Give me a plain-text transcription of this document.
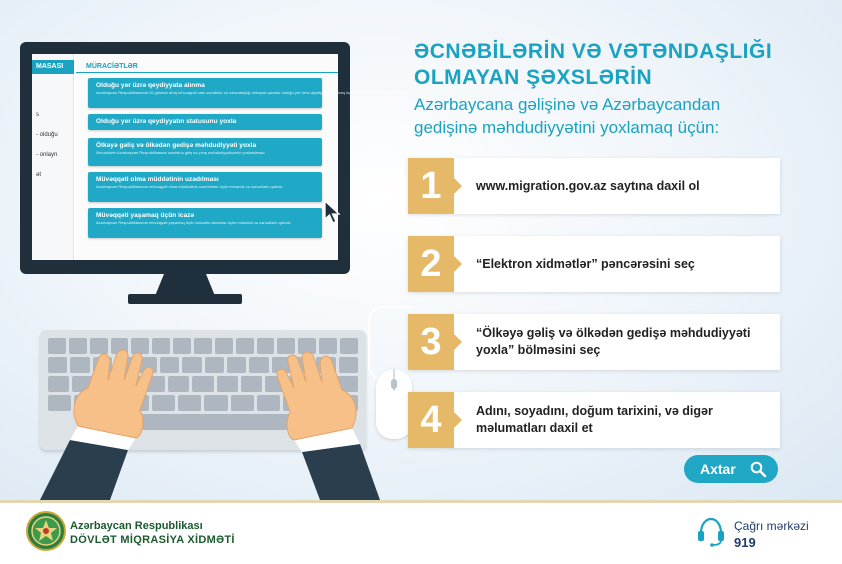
MASASI
s
- olduğu
- onlayn
ət
MÜRACİƏTLƏR
Olduğu yer üzrə qeydiyyata alınma
Azərbaycan Respublikasında 10 gündən artıq müvəqqəti olan əcnəbilər və vətəndaşlığı olmayan şəxslər olduğu yer üzrə qeydiyyata alınmaq üçün müraciət və sənədlərin qəbulu
Olduğu yer üzrə qeydiyyatın statusunu yoxla
Ölkəyə gəliş və ölkədən gedişə məhdudiyyəti yoxla
Əcnəbilərin Azərbaycan Respublikasına ərazisinə giriş və çıxış məhdudiyyətlərinin yoxlanılması
Müvəqqəti olma müddətinin uzadılması
Azərbaycan Respublikasında müvəqqəti olma müddətinin uzadılması üçün müraciət və sənədlərin qəbulu
Müvəqqəti yaşamaq üçün icazə
Azərbaycan Respublikasında müvəqqəti yaşamaq üçün icazənin alınması üçün müraciət və sənədlərin qəbulu
ƏCNƏBİLƏRİN VƏ VƏTƏNDAŞLIĞI
OLMAYAN ŞƏXSLƏRİN
Azərbaycana gəlişinə və Azərbaycandan
gedişinə məhdudiyyətini yoxlamaq üçün:
1	www.migration.gov.az saytına daxil ol
2	“Elektron xidmətlər” pəncərəsini seç
3	“Ölkəyə gəliş və ölkədən gedişə mәhdudiyyəti yoxla” bölməsini seç
4	Adını, soyadını, doğum tarixini, və digər məlumatları daxil et
Axtar
Azərbaycan Respublikası
DÖVLƏT MİQRASİYA XİDMƏTİ
Çağrı mərkəzi
919
